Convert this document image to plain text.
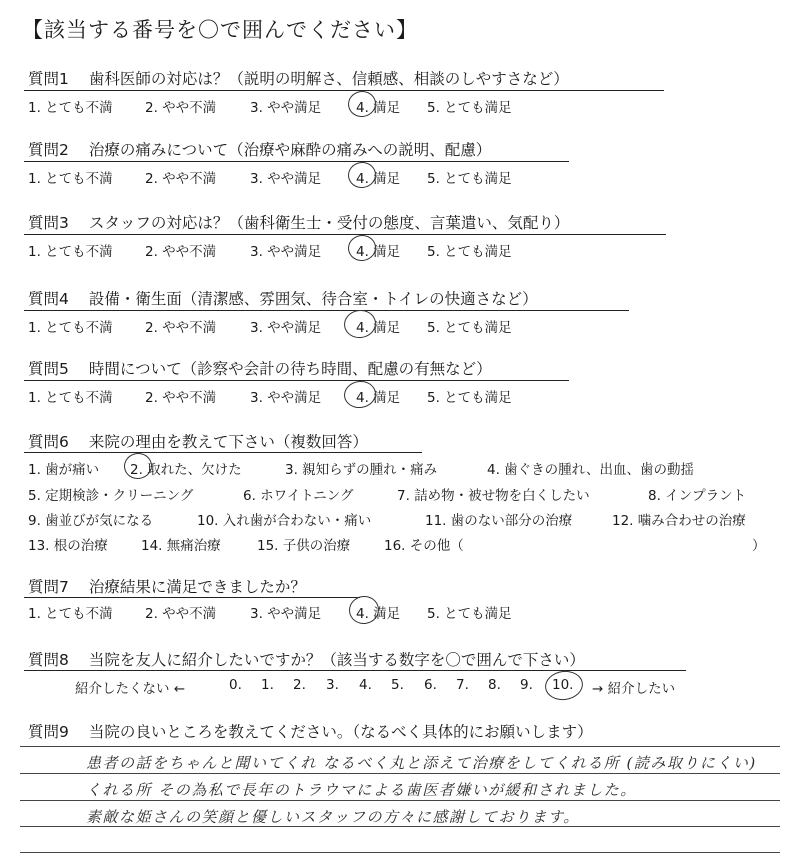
【該当する番号を〇で囲んでください】
質問1 歯科医師の対応は？（説明の明解さ、信頼感、相談のしやすさなど）
1. とても不満 2. やや不満	3. やや満足	4. 満足 5. とても満足
質問2 治療の痛みについて（治療や麻酔の痛みへの説明、配慮）
1. とても不満 2. やや不満	3. やや満足	4. 満足 5. とても満足
質問3 スタッフの対応は？（歯科衛生士・受付の態度、言葉遣い、気配り）
1. とても不満 2. やや不満	3. やや満足	4. 満足 5. とても満足
質問4 設備・衛生面（清潔感、雰囲気、待合室・トイレの快適さなど）
1. とても不満 2. やや不満	3. やや満足	4. 満足 5. とても満足
質問5 時間について（診察や会計の待ち時間、配慮の有無など）
1. とても不満 2. やや不満	3. やや満足	4. 満足 5. とても満足
質問6 来院の理由を教えて下さい（複数回答）
1. 歯が痛い 2. 取れた、欠けた	3. 親知らずの腫れ・痛み	4. 歯ぐきの腫れ、出血、歯の動揺
5. 定期検診・クリーニング	6. ホワイトニング	7. 詰め物・被せ物を白くしたい	8. インプラント
9. 歯並びが気になる	10. 入れ歯が合わない・痛い	11. 歯のない部分の治療	12. 噛み合わせの治療
13. 根の治療 14. 無痛治療	15. 子供の治療 16. その他（	）
質問7 治療結果に満足できましたか？
1. とても不満 2. やや不満	3. やや満足	4. 満足 5. とても満足
質問8 当院を友人に紹介したいですか？（該当する数字を〇で囲んで下さい）
紹介したくない ←	0. 1. 2. 3. 4. 5. 6. 7. 8. 9. 10. → 紹介したい
質問9 当院の良いところを教えてください。（なるべく具体的にお願いします）
患者の話をちゃんと聞いてくれ なるべく丸と添えて治療をしてくれる所 (読み取りにくい)
くれる所 その為私で長年のトラウマによる歯医者嫌いが緩和されました。
素敵な姫さんの笑顔と優しいスタッフの方々に感謝しております。
